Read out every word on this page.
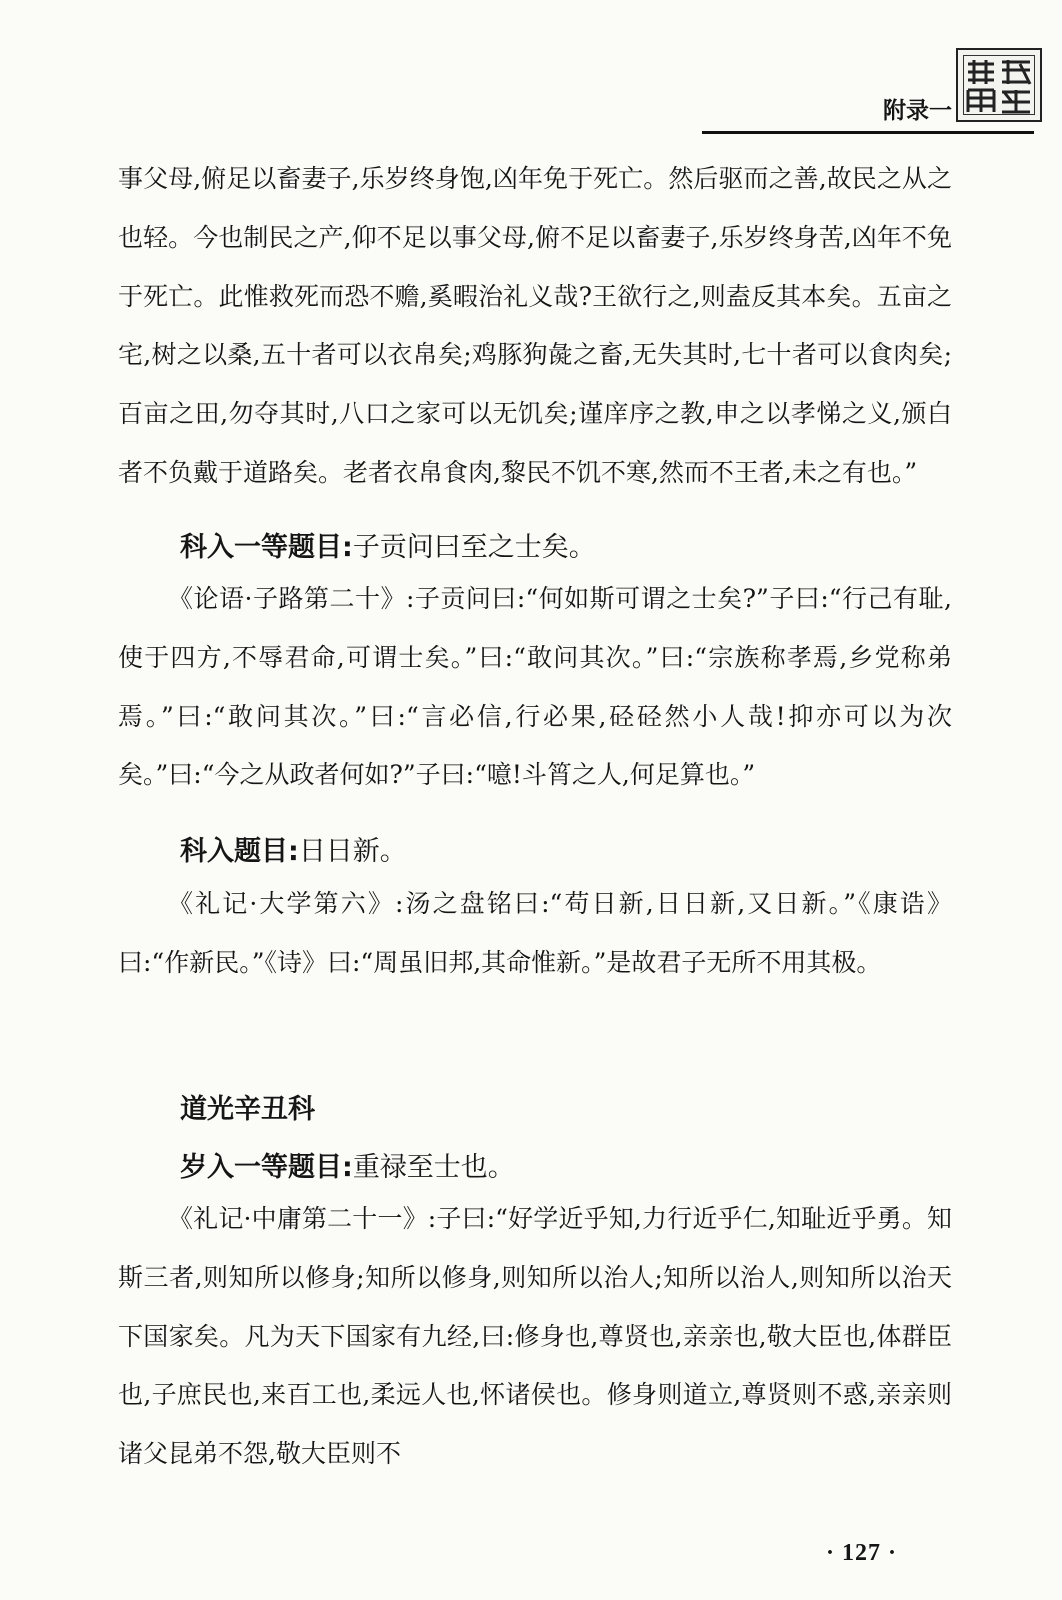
附录一

事父母,俯足以畜妻子,乐岁终身饱,凶年免于死亡。然后驱而之善,故民之从之也轻。今也制民之产,仰不足以事父母,俯不足以畜妻子,乐岁终身苦,凶年不免于死亡。此惟救死而恐不赡,奚暇治礼义哉?王欲行之,则盍反其本矣。五亩之宅,树之以桑,五十者可以衣帛矣;鸡豚狗彘之畜,无失其时,七十者可以食肉矣;百亩之田,勿夺其时,八口之家可以无饥矣;谨庠序之教,申之以孝悌之义,颁白者不负戴于道路矣。老者衣帛食肉,黎民不饥不寒,然而不王者,未之有也。”

科入一等题目:子贡问曰至之士矣。

《论语·子路第二十》:子贡问曰:“何如斯可谓之士矣?”子曰:“行己有耻,使于四方,不辱君命,可谓士矣。”曰:“敢问其次。”曰:“宗族称孝焉,乡党称弟焉。”曰:“敢问其次。”曰:“言必信,行必果,硁硁然小人哉!抑亦可以为次矣。”曰:“今之从政者何如?”子曰:“噫!斗筲之人,何足算也。”

科入题目:日日新。

《礼记·大学第六》:汤之盘铭曰:“苟日新,日日新,又日新。”《康诰》曰:“作新民。”《诗》曰:“周虽旧邦,其命惟新。”是故君子无所不用其极。

道光辛丑科

岁入一等题目:重禄至士也。

《礼记·中庸第二十一》:子曰:“好学近乎知,力行近乎仁,知耻近乎勇。知斯三者,则知所以修身;知所以修身,则知所以治人;知所以治人,则知所以治天下国家矣。凡为天下国家有九经,曰:修身也,尊贤也,亲亲也,敬大臣也,体群臣也,子庶民也,来百工也,柔远人也,怀诸侯也。修身则道立,尊贤则不惑,亲亲则诸父昆弟不怨,敬大臣则不

· 127 ·
